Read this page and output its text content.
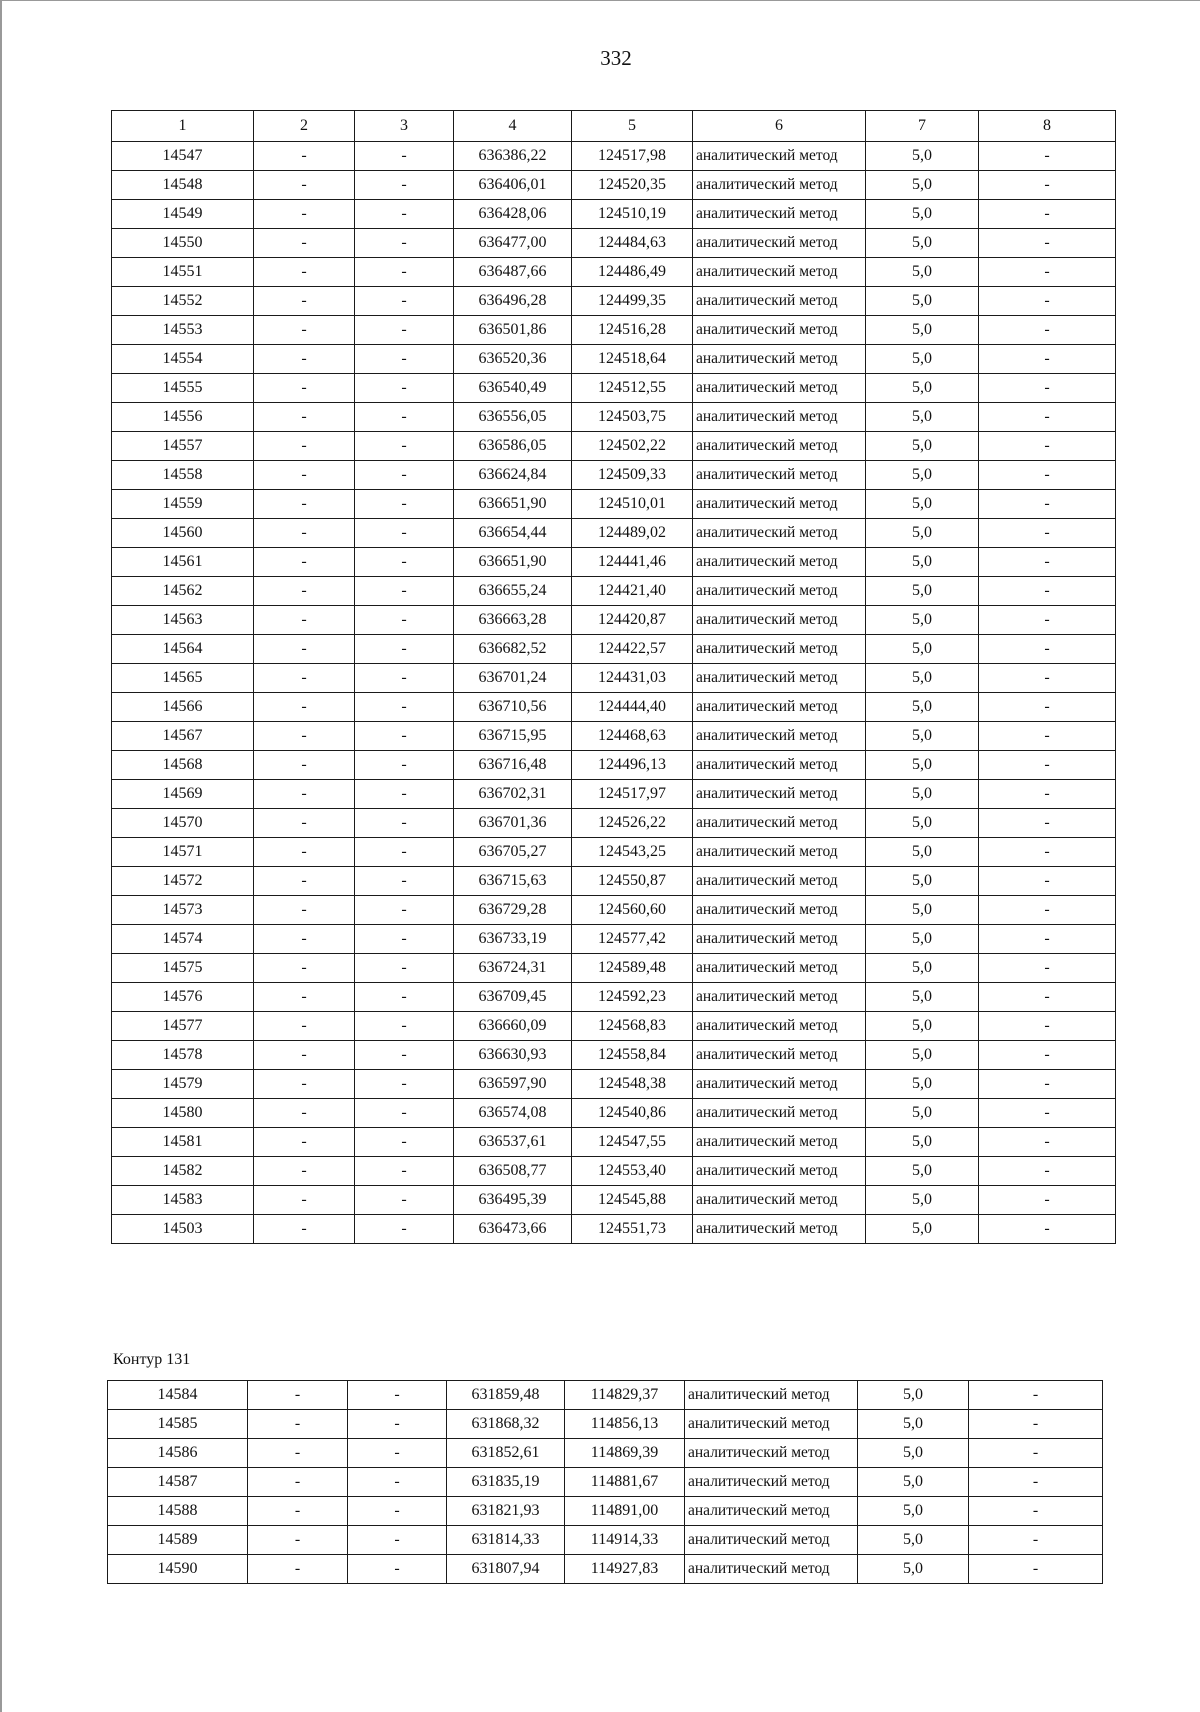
332
1	2	3	4	5	6	7	8
14547	-	-	636386,22	124517,98	аналитический метод	5,0	-
14548	-	-	636406,01	124520,35	аналитический метод	5,0	-
14549	-	-	636428,06	124510,19	аналитический метод	5,0	-
14550	-	-	636477,00	124484,63	аналитический метод	5,0	-
14551	-	-	636487,66	124486,49	аналитический метод	5,0	-
14552	-	-	636496,28	124499,35	аналитический метод	5,0	-
14553	-	-	636501,86	124516,28	аналитический метод	5,0	-
14554	-	-	636520,36	124518,64	аналитический метод	5,0	-
14555	-	-	636540,49	124512,55	аналитический метод	5,0	-
14556	-	-	636556,05	124503,75	аналитический метод	5,0	-
14557	-	-	636586,05	124502,22	аналитический метод	5,0	-
14558	-	-	636624,84	124509,33	аналитический метод	5,0	-
14559	-	-	636651,90	124510,01	аналитический метод	5,0	-
14560	-	-	636654,44	124489,02	аналитический метод	5,0	-
14561	-	-	636651,90	124441,46	аналитический метод	5,0	-
14562	-	-	636655,24	124421,40	аналитический метод	5,0	-
14563	-	-	636663,28	124420,87	аналитический метод	5,0	-
14564	-	-	636682,52	124422,57	аналитический метод	5,0	-
14565	-	-	636701,24	124431,03	аналитический метод	5,0	-
14566	-	-	636710,56	124444,40	аналитический метод	5,0	-
14567	-	-	636715,95	124468,63	аналитический метод	5,0	-
14568	-	-	636716,48	124496,13	аналитический метод	5,0	-
14569	-	-	636702,31	124517,97	аналитический метод	5,0	-
14570	-	-	636701,36	124526,22	аналитический метод	5,0	-
14571	-	-	636705,27	124543,25	аналитический метод	5,0	-
14572	-	-	636715,63	124550,87	аналитический метод	5,0	-
14573	-	-	636729,28	124560,60	аналитический метод	5,0	-
14574	-	-	636733,19	124577,42	аналитический метод	5,0	-
14575	-	-	636724,31	124589,48	аналитический метод	5,0	-
14576	-	-	636709,45	124592,23	аналитический метод	5,0	-
14577	-	-	636660,09	124568,83	аналитический метод	5,0	-
14578	-	-	636630,93	124558,84	аналитический метод	5,0	-
14579	-	-	636597,90	124548,38	аналитический метод	5,0	-
14580	-	-	636574,08	124540,86	аналитический метод	5,0	-
14581	-	-	636537,61	124547,55	аналитический метод	5,0	-
14582	-	-	636508,77	124553,40	аналитический метод	5,0	-
14583	-	-	636495,39	124545,88	аналитический метод	5,0	-
14503	-	-	636473,66	124551,73	аналитический метод	5,0	-
Контур 131
14584	-	-	631859,48	114829,37	аналитический метод	5,0	-
14585	-	-	631868,32	114856,13	аналитический метод	5,0	-
14586	-	-	631852,61	114869,39	аналитический метод	5,0	-
14587	-	-	631835,19	114881,67	аналитический метод	5,0	-
14588	-	-	631821,93	114891,00	аналитический метод	5,0	-
14589	-	-	631814,33	114914,33	аналитический метод	5,0	-
14590	-	-	631807,94	114927,83	аналитический метод	5,0	-
